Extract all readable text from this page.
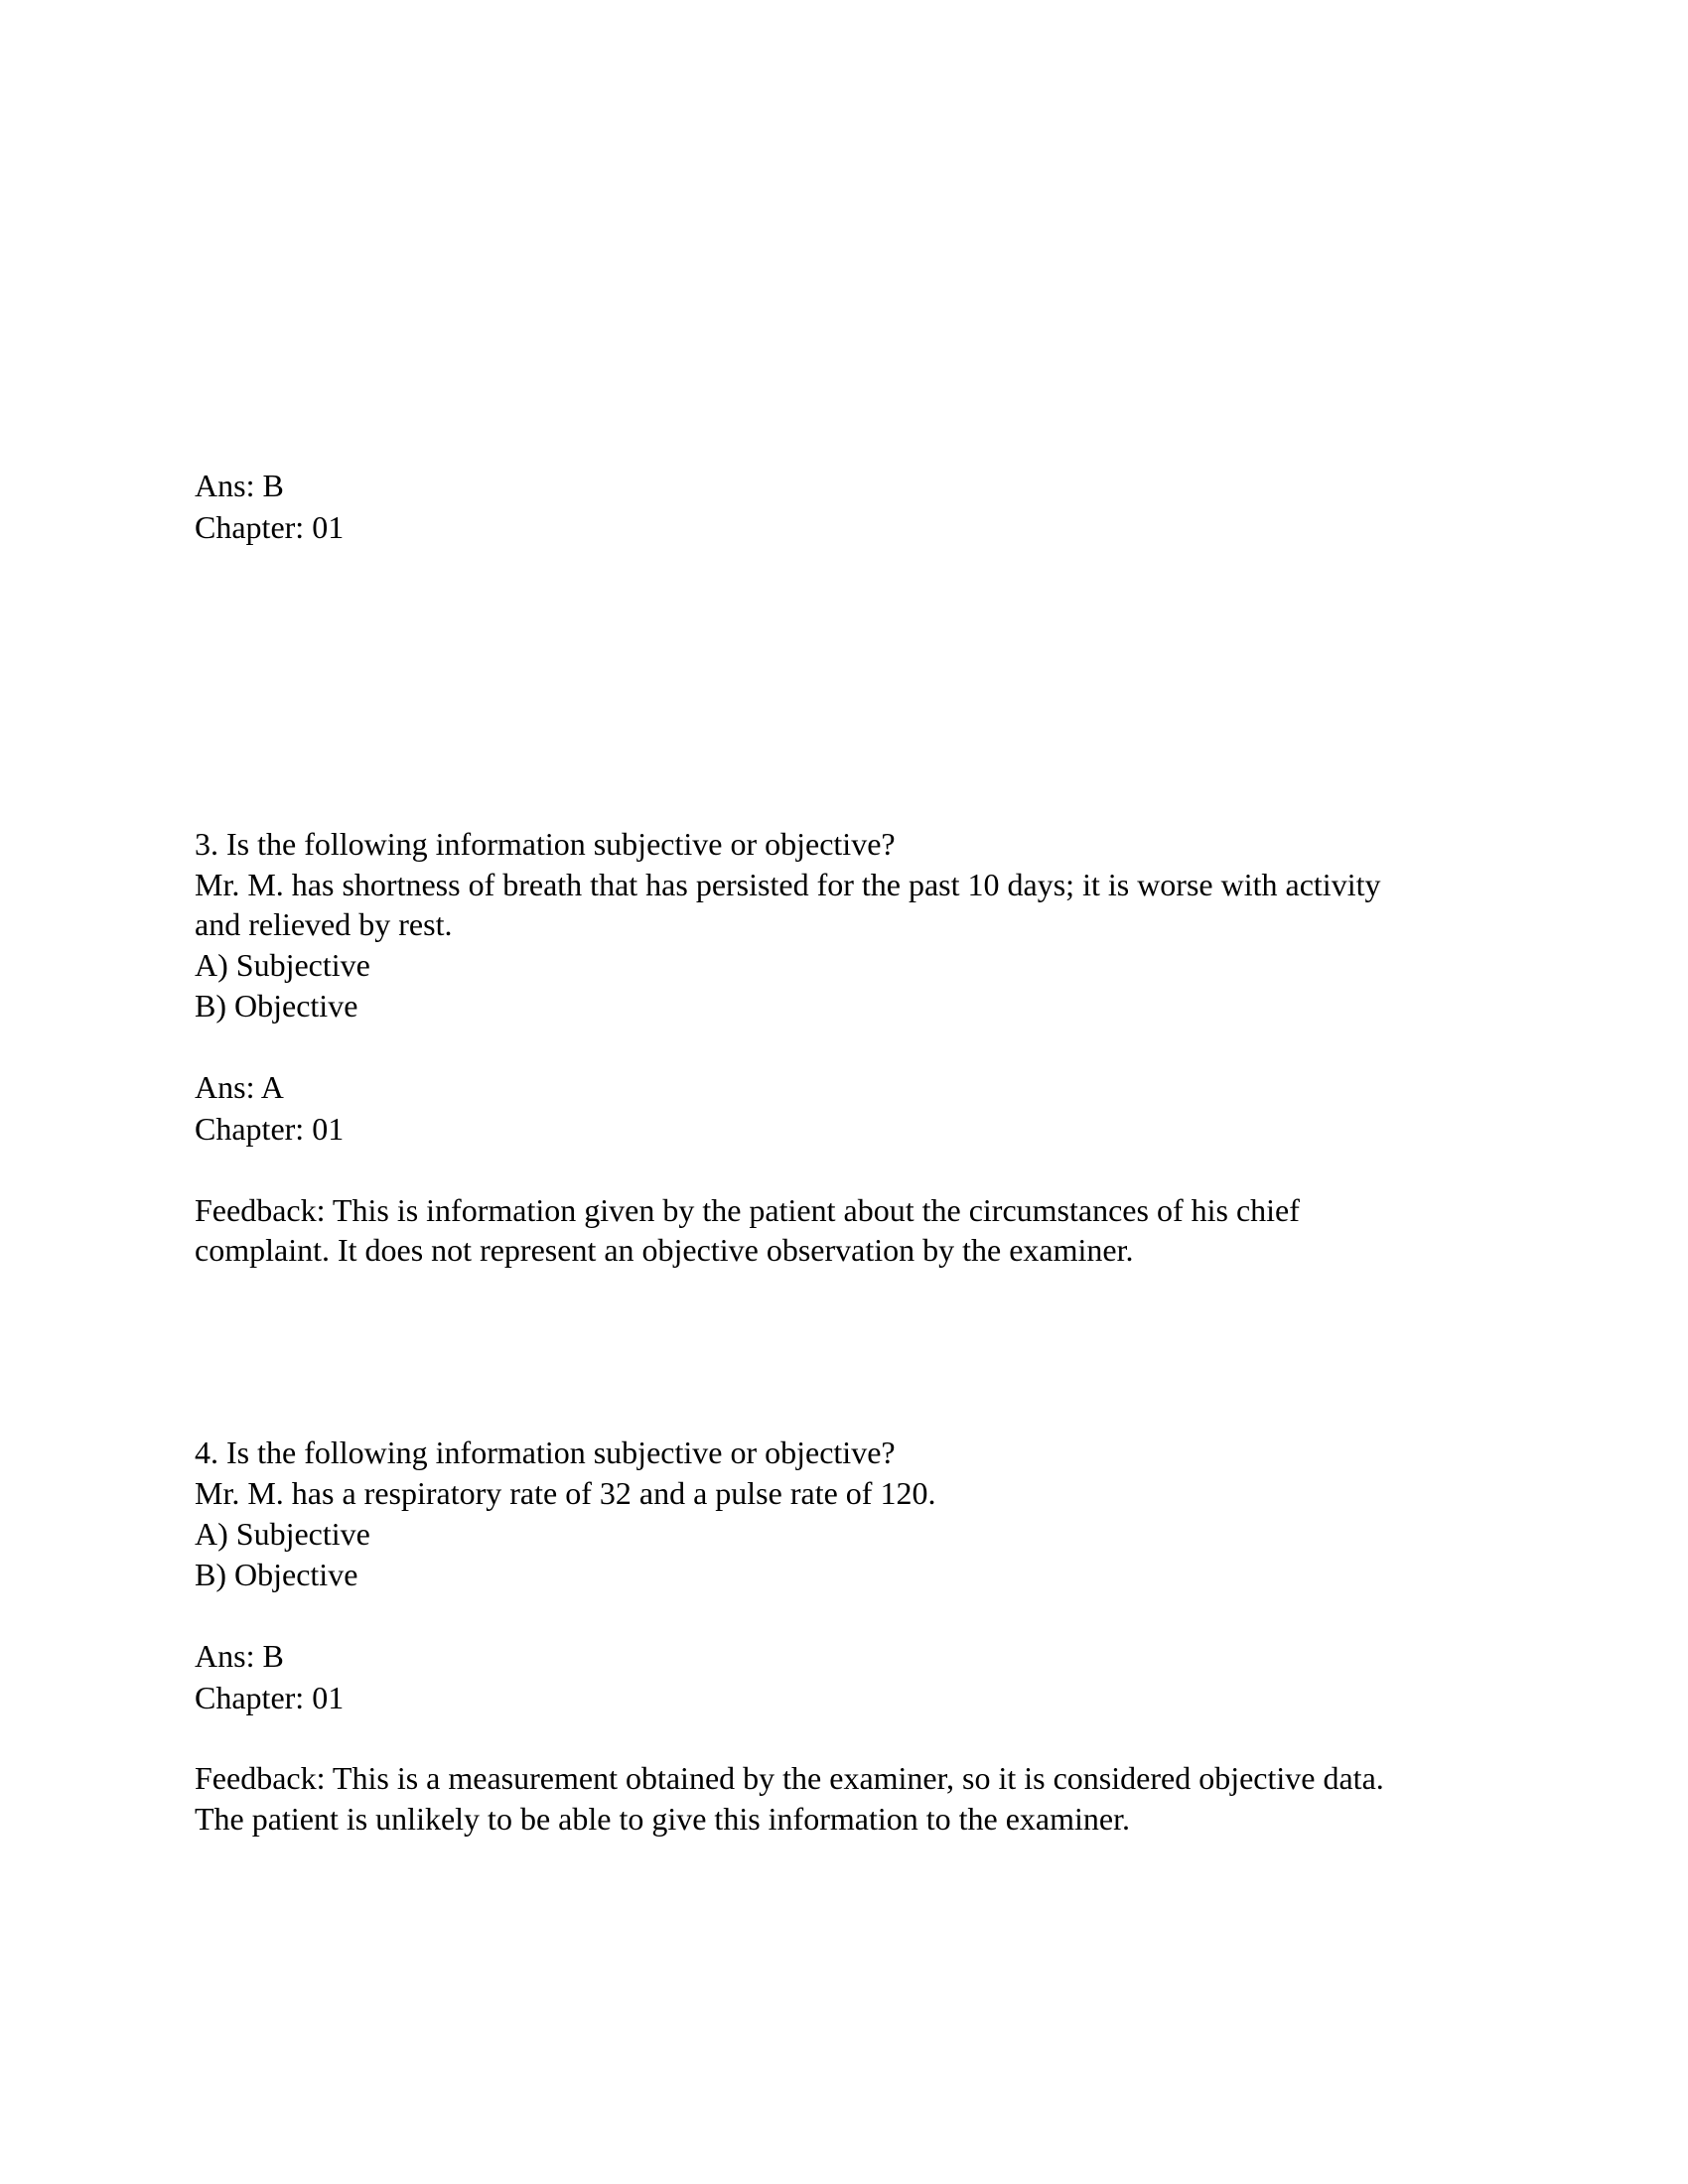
Ans: B
Chapter: 01
3. Is the following information subjective or objective?
Mr. M. has shortness of breath that has persisted for the past 10 days; it is worse with activity
and relieved by rest.
A) Subjective
B) Objective
Ans: A
Chapter: 01
Feedback: This is information given by the patient about the circumstances of his chief
complaint. It does not represent an objective observation by the examiner.
4. Is the following information subjective or objective?
Mr. M. has a respiratory rate of 32 and a pulse rate of 120.
A) Subjective
B) Objective
Ans: B
Chapter: 01
Feedback: This is a measurement obtained by the examiner, so it is considered objective data.
The patient is unlikely to be able to give this information to the examiner.
